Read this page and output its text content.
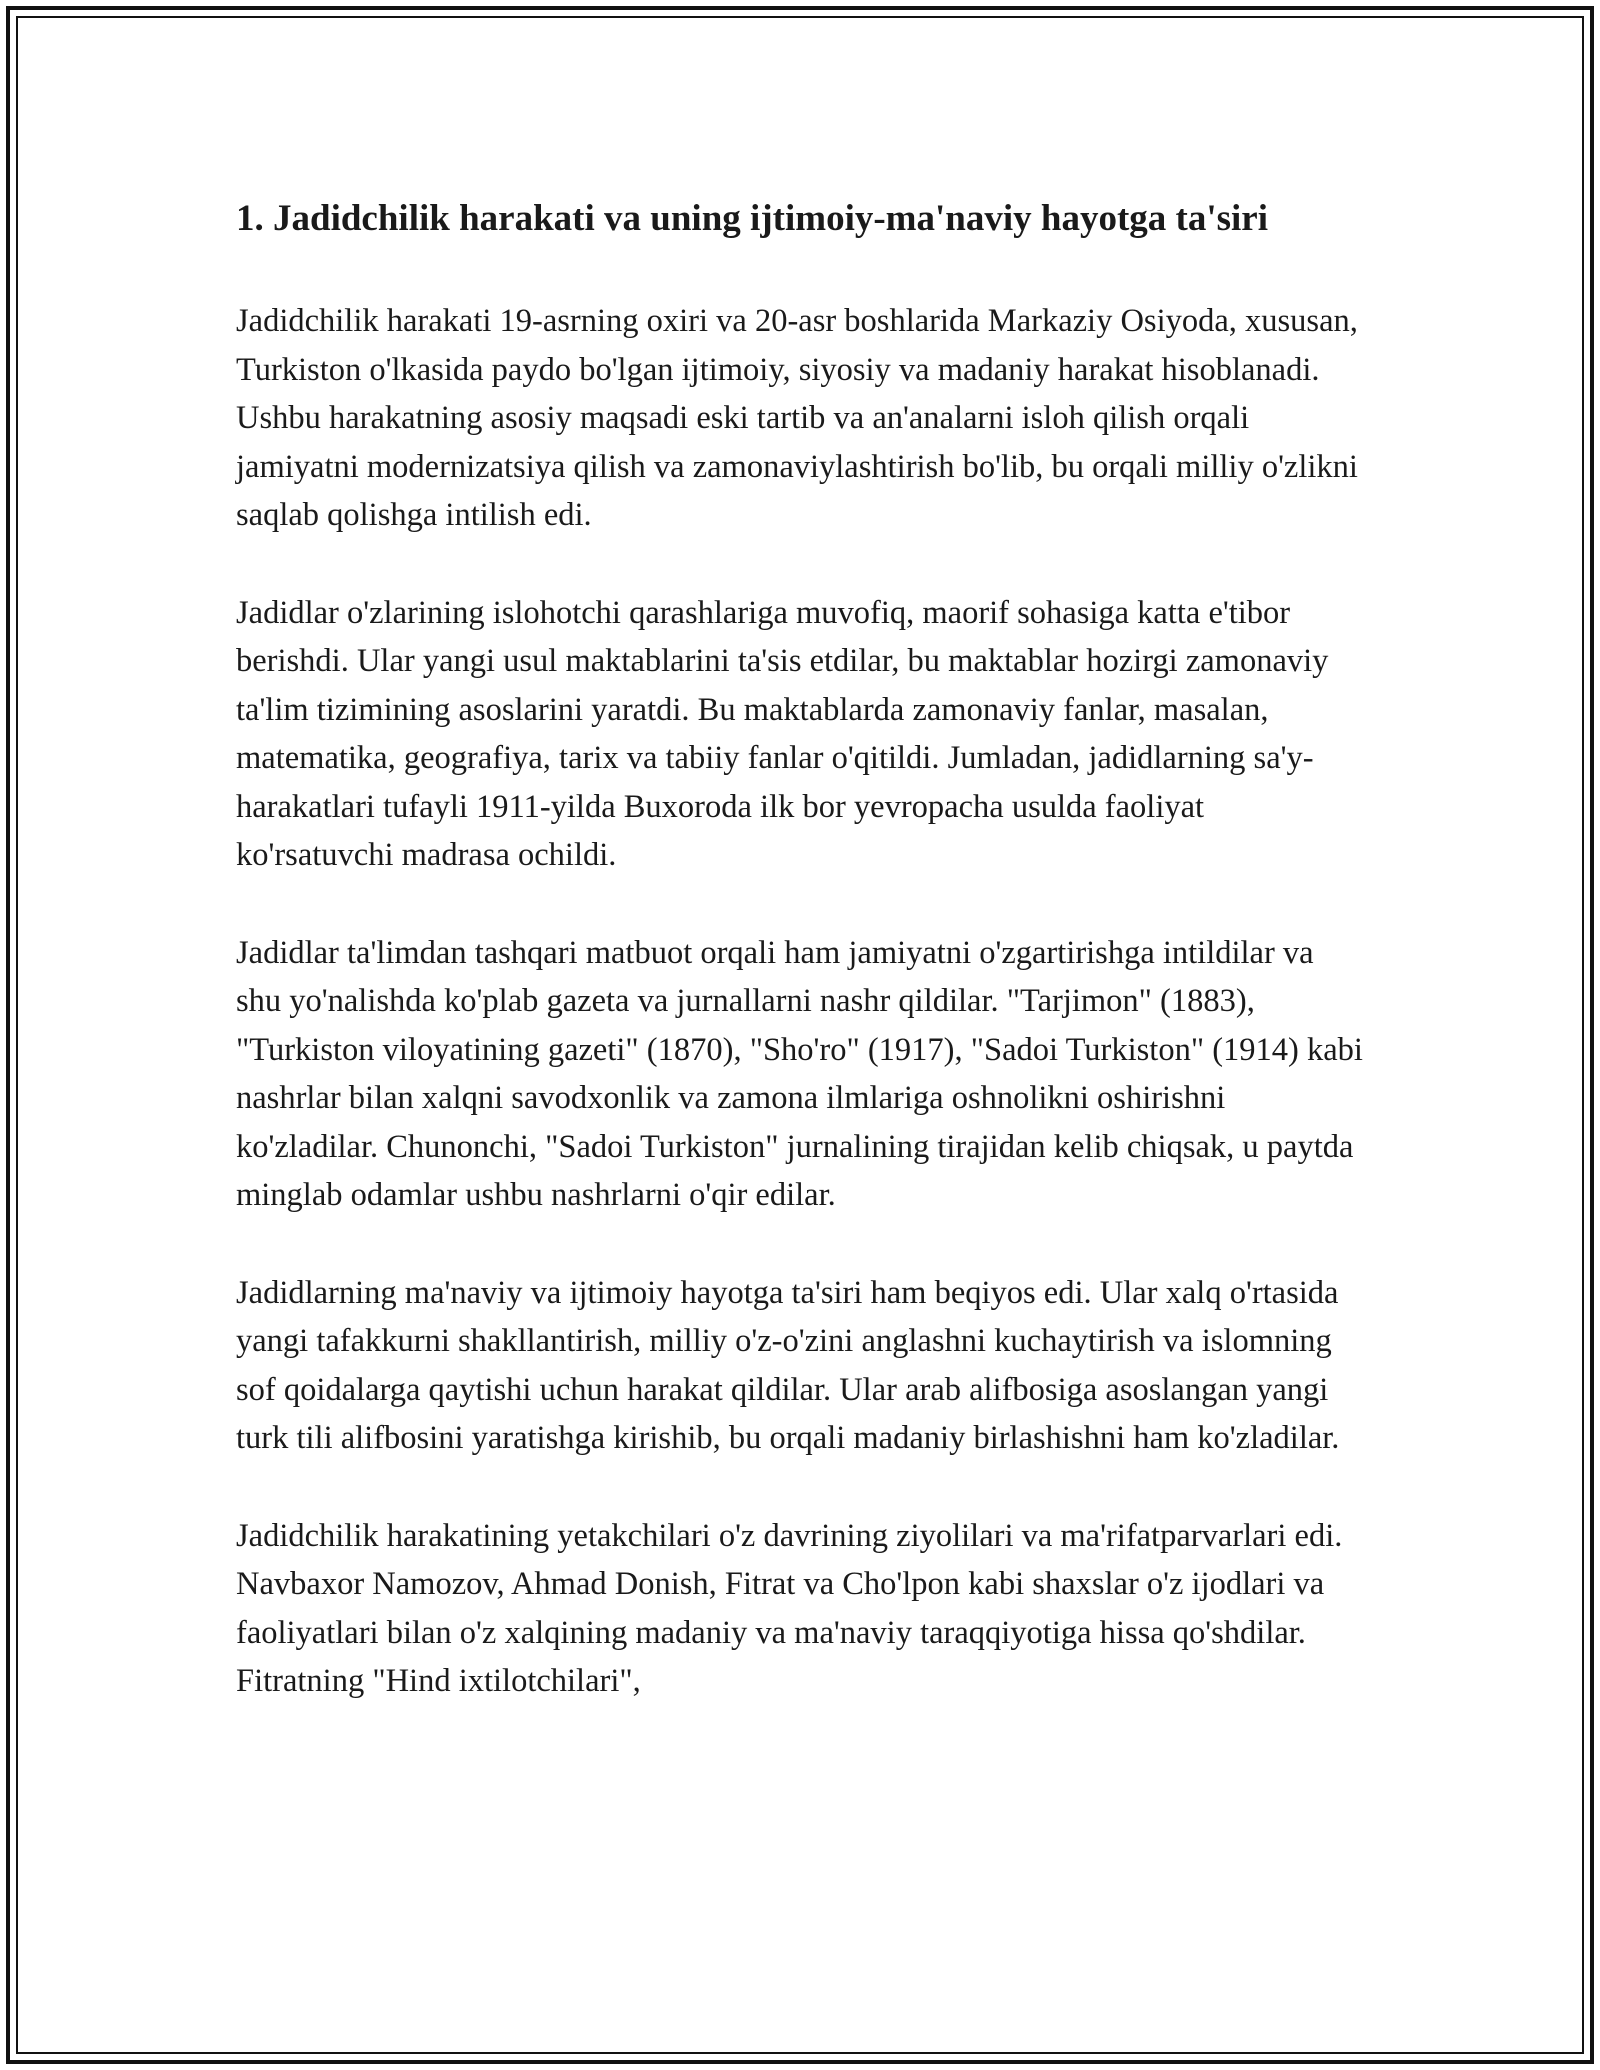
1. Jadidchilik harakati va uning ijtimoiy-ma'naviy hayotga ta'siri

Jadidchilik harakati 19-asrning oxiri va 20-asr boshlarida Markaziy Osiyoda, xususan, Turkiston o'lkasida paydo bo'lgan ijtimoiy, siyosiy va madaniy harakat hisoblanadi. Ushbu harakatning asosiy maqsadi eski tartib va an'analarni isloh qilish orqali jamiyatni modernizatsiya qilish va zamonaviylashtirish bo'lib, bu orqali milliy o'zlikni saqlab qolishga intilish edi.

Jadidlar o'zlarining islohotchi qarashlariga muvofiq, maorif sohasiga katta e'tibor berishdi. Ular yangi usul maktablarini ta'sis etdilar, bu maktablar hozirgi zamonaviy ta'lim tizimining asoslarini yaratdi. Bu maktablarda zamonaviy fanlar, masalan, matematika, geografiya, tarix va tabiiy fanlar o'qitildi. Jumladan, jadidlarning sa'y-harakatlari tufayli 1911-yilda Buxoroda ilk bor yevropacha usulda faoliyat ko'rsatuvchi madrasa ochildi.

Jadidlar ta'limdan tashqari matbuot orqali ham jamiyatni o'zgartirishga intildilar va shu yo'nalishda ko'plab gazeta va jurnallarni nashr qildilar. "Tarjimon" (1883), "Turkiston viloyatining gazeti" (1870), "Sho'ro" (1917), "Sadoi Turkiston" (1914) kabi nashrlar bilan xalqni savodxonlik va zamona ilmlariga oshnolikni oshirishni ko'zladilar. Chunonchi, "Sadoi Turkiston" jurnalining tirajidan kelib chiqsak, u paytda minglab odamlar ushbu nashrlarni o'qir edilar.

Jadidlarning ma'naviy va ijtimoiy hayotga ta'siri ham beqiyos edi. Ular xalq o'rtasida yangi tafakkurni shakllantirish, milliy o'z-o'zini anglashni kuchaytirish va islomning sof qoidalarga qaytishi uchun harakat qildilar. Ular arab alifbosiga asoslangan yangi turk tili alifbosini yaratishga kirishib, bu orqali madaniy birlashishni ham ko'zladilar.

Jadidchilik harakatining yetakchilari o'z davrining ziyolilari va ma'rifatparvarlari edi. Navbaxor Namozov, Ahmad Donish, Fitrat va Cho'lpon kabi shaxslar o'z ijodlari va faoliyatlari bilan o'z xalqining madaniy va ma'naviy taraqqiyotiga hissa qo'shdilar. Fitratning "Hind ixtilotchilari",
